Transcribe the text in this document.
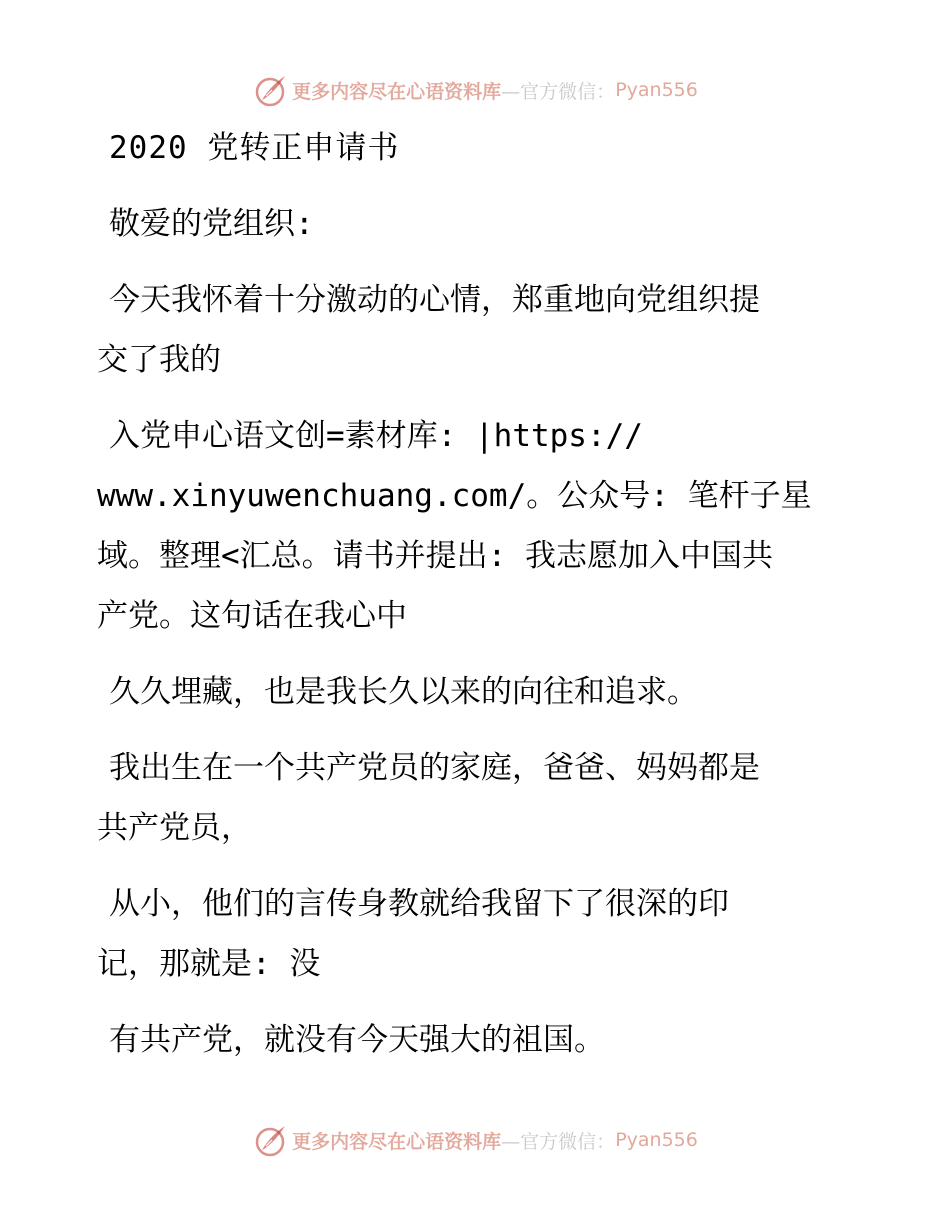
更多内容尽在心语资料库 —官方微信： Pyan556
2020 党转正申请书
敬爱的党组织:
今天我怀着十分激动的心情，郑重地向党组织提
交了我的
入党申心语文创=素材库: |https://
www.xinyuwenchuang.com/。公众号: 笔杆子星
域。整理<汇总。请书并提出: 我志愿加入中国共
产党。这句话在我心中
久久埋藏，也是我长久以来的向往和追求。
我出生在一个共产党员的家庭，爸爸、妈妈都是
共产党员，
从小，他们的言传身教就给我留下了很深的印
记，那就是: 没
有共产党，就没有今天强大的祖国。
更多内容尽在心语资料库 —官方微信： Pyan556
